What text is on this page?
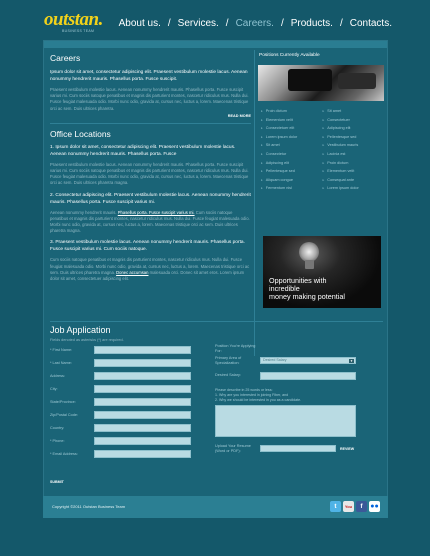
outstan.
BUSINESS TEAM
About us. / Services. / Careers. / Products. / Contacts.
Careers

Ipsum dolor sit amet, consectetur adipiscing elit. Praesent vestibulum molestie lacus. Aenean nonummy hendrerit mauris. Phasellus porta. Fusce suscipit.

Praesent vestibulum molestie lacus. Aenean nonummy hendrerit mauris. Phasellus porta. Fusce suscipit varius mi. Cum sociis natoque penatibus et magnis dis parturient montes, nascetur ridiculus mus. Nulla dui. Fusce feugiat malesuada odio. Morbi nunc odio, gravida at, cursus nec, luctus a, lorem. Maecenas tristique orci ac sem. Duis ultrices pharetra.

READ MORE
Office Locations

1. Ipsum dolor sit amet, consectetur adipiscing elit. Praesent vestibulum molestie lacus. Aenean nonummy hendrerit mauris. Phasellus porta. Fusce

Praesent vestibulum molestie lacus. Aenean nonummy hendrerit mauris. Phasellus porta. Fusce suscipit varius mi. Cum sociis natoque penatibus et magnis dis parturient montes, nascetur ridiculus mus. Nulla dui. Fusce feugiat malesuada odio. Morbi nunc odio, gravida at, cursus nec, luctus a, lorem. Maecenas tristique orci ac sem. Duis ultrices pharetra magna.

2. Consectetur adipiscing elit. Praesent vestibulum molestie lacus. Aenean nonummy hendrerit mauris. Phasellus porta. Fusce suscipit varius mi.

Aenean nonummy hendrerit mauris. Phasellus porta. Fusce suscipit varius mi. Cum sociis natoque penatibus et magnis dis parturient montes, nascetur ridiculus mus. Nulla dui. Fusce feugiat malesuada odio. Morbi nunc odio, gravida at, cursus nec, luctus a, lorem. Maecenas tristique orci ac sem. Duis ultrices pharetra magna.

3. Praesent vestibulum molestie lacus. Aenean nonummy hendrerit mauris. Phasellus porta. Fusce suscipit varius mi. Cum sociis natoque.

Cum sociis natoque penatibus et magnis dis parturient montes, nascetur ridiculus mus. Nulla dui. Fusce feugiat malesuada odio. Morbi nunc odio, gravida at, cursus nec, luctus a, lorem. Maecenas tristique orci ac sem. Duis ultrices pharetra magna. Donec accumsan malesuada orci. Donec sit amet eros. Lorem ipsum dolor sit amet, consectetuer adipiscing elit.

Positions Currently Available
▸ Proin dictum
▸ Elementum velit
▸ Consectetuer elit
▸ Lorem ipsum dolor
▸ Sit amet
▸ Consectetur
▸ Adipiscing elit
▸ Pellentesque sed
▸ Aliquam congue
▸ Fermentum nisl
▸ Sit amet
▸ Consectetuer
▸ Adipiscing elit
▸ Pellentesque sed
▸ Vestibulum mauris
▸ Lacinia est
▸ Proin dictum
▸ Elementum velit
▸ Consequat ante
▸ Lorem ipsum dolor
Opportunities with
incredible
money making potential
Job Application
Fields denoted as asterisks (*) are required.
* First Name:
* Last Name:
Address:
City:
State/Province:
Zip/Postal Code:
Country:
* Phone:
* Email Address:
Position You're Applying For:
Primary Area of Specialization:
Desired Salary	▼
Desired Salary:
Please describe in 25 words or less:
1. Why are you interested in joining Fiber, and
2. Why we should be interested in you as a candidate.
Upload Your Resume (Word or PDF):	REVIEW
SUBMIT
Copyright ©2011 Outstan Business Team	t	You	f	●●
